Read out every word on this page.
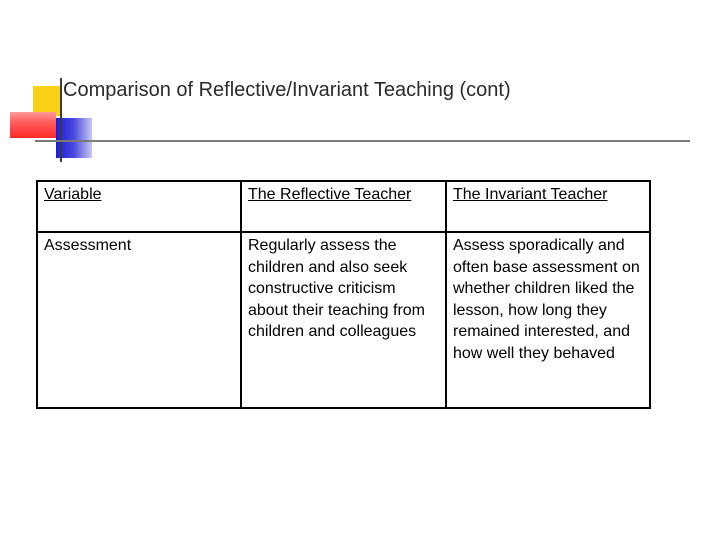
Comparison of Reflective/Invariant Teaching (cont)
Variable	The Reflective Teacher	The Invariant Teacher
Assessment	Regularly assess the children and also seek constructive criticism about their teaching from children and colleagues	Assess sporadically and often base assessment on whether children liked the lesson, how long they remained interested, and how well they behaved
